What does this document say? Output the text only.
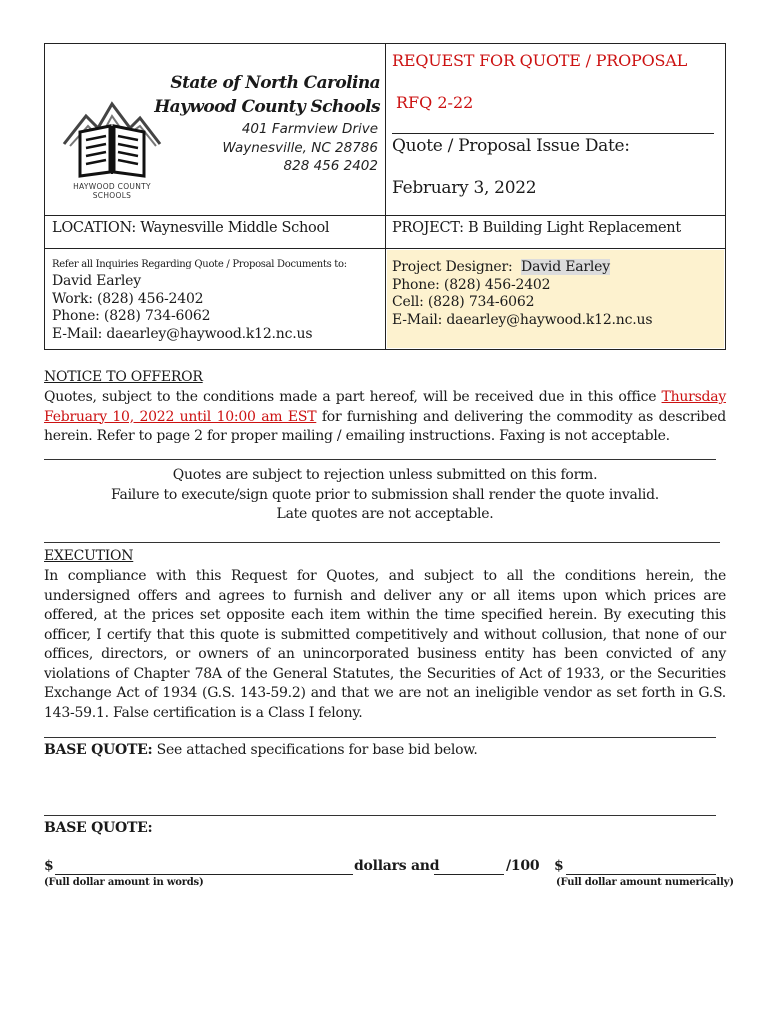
HAYWOOD COUNTY
SCHOOLS
State of North Carolina
Haywood County Schools
401 Farmview Drive
Waynesville, NC 28786
828 456 2402
REQUEST FOR QUOTE / PROPOSAL
RFQ 2-22
Quote / Proposal Issue Date:
February 3, 2022
LOCATION: Waynesville Middle School	PROJECT: B Building Light Replacement
Refer all Inquiries Regarding Quote / Proposal Documents to:
David Earley
Work: (828) 456-2402
Phone: (828) 734-6062
E-Mail: daearley@haywood.k12.nc.us
Project Designer: David Earley
Phone: (828) 456-2402
Cell: (828) 734-6062
E-Mail: daearley@haywood.k12.nc.us
NOTICE TO OFFEROR
Quotes, subject to the conditions made a part hereof, will be received due in this office Thursday February 10, 2022 until 10:00 am EST for furnishing and delivering the commodity as described herein. Refer to page 2 for proper mailing / emailing instructions. Faxing is not acceptable.
Quotes are subject to rejection unless submitted on this form.
Failure to execute/sign quote prior to submission shall render the quote invalid.
Late quotes are not acceptable.
EXECUTION
In compliance with this Request for Quotes, and subject to all the conditions herein, the undersigned offers and agrees to furnish and deliver any or all items upon which prices are offered, at the prices set opposite each item within the time specified herein. By executing this officer, I certify that this quote is submitted competitively and without collusion, that none of our offices, directors, or owners of an unincorporated business entity has been convicted of any violations of Chapter 78A of the General Statutes, the Securities of Act of 1933, or the Securities Exchange Act of 1934 (G.S. 143-59.2) and that we are not an ineligible vendor as set forth in G.S. 143-59.1. False certification is a Class I felony.
BASE QUOTE: See attached specifications for base bid below.
BASE QUOTE:
$	dollars and	/100 $
(Full dollar amount in words)	(Full dollar amount numerically)
